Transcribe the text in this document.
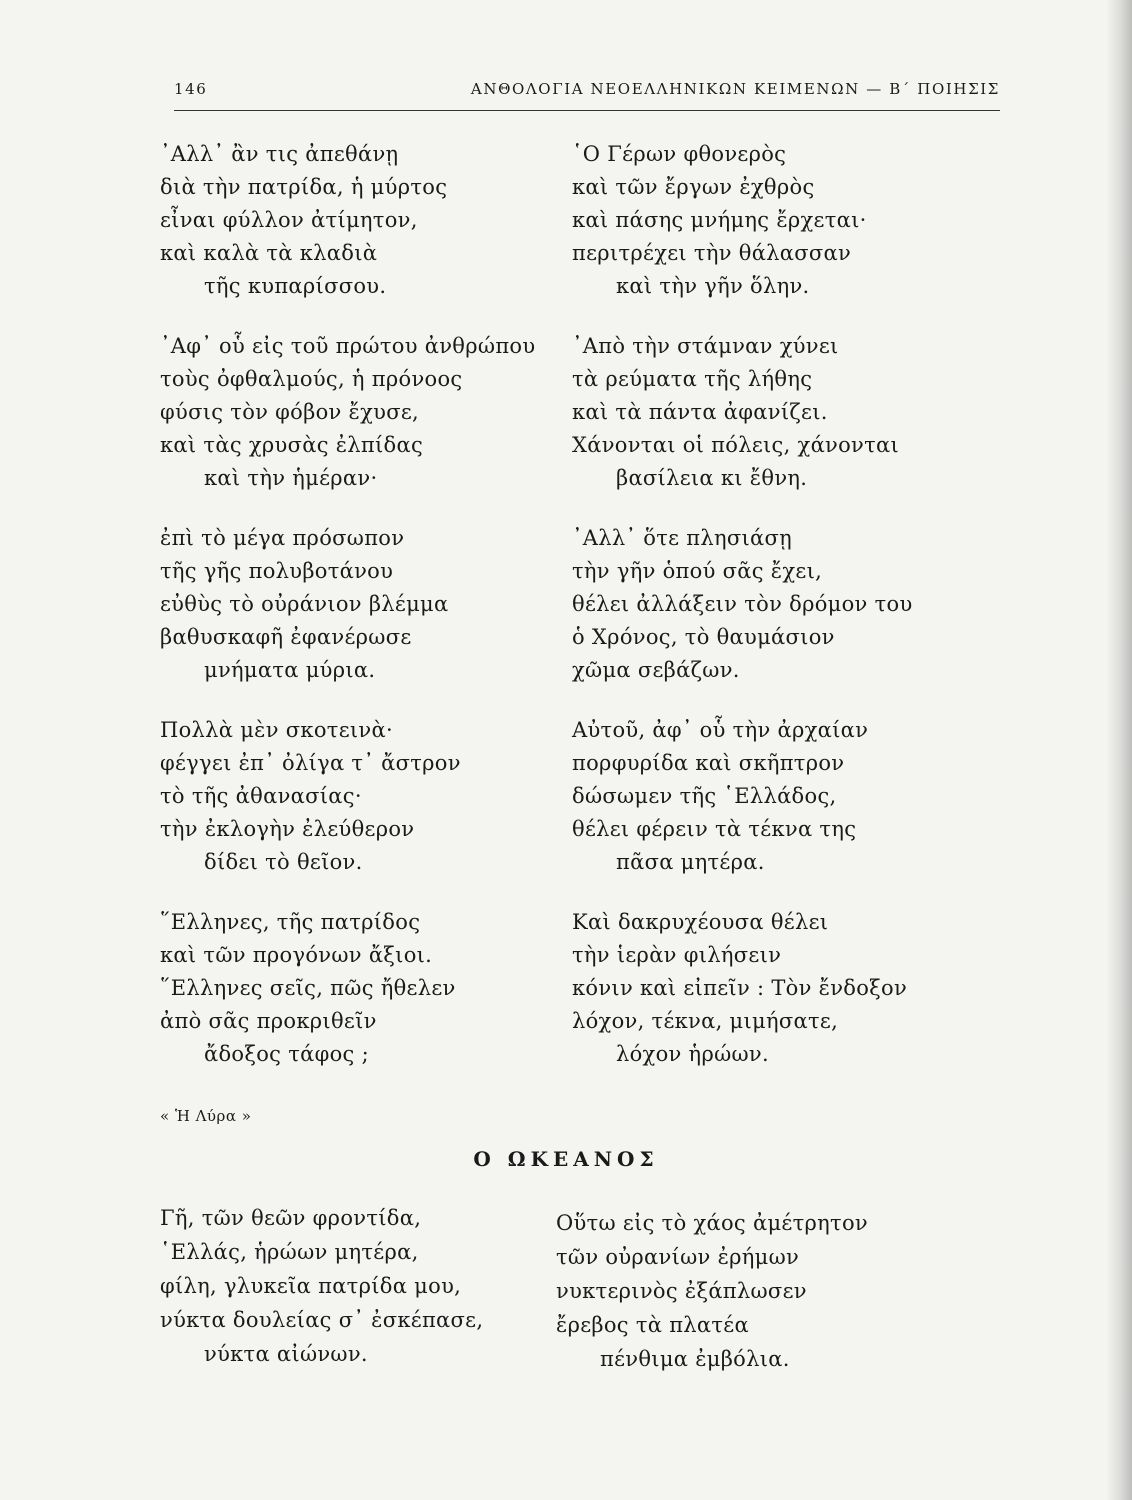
146	ΑΝΘΟΛΟΓΙΑ ΝΕΟΕΛΛΗΝΙΚΩΝ ΚΕΙΜΕΝΩΝ — Β΄ ΠΟΙΗΣΙΣ
᾿Αλλ᾿ ἂν τις ἀπεθάνῃ
διὰ τὴν πατρίδα, ἡ μύρτος
εἶναι φύλλον ἀτίμητον,
καὶ καλὰ τὰ κλαδιὰ
τῆς κυπαρίσσου.
᾿Αφ᾿ οὗ εἰς τοῦ πρώτου ἀνθρώπου
τοὺς ὀφθαλμούς, ἡ πρόνοος
φύσις τὸν φόβον ἔχυσε,
καὶ τὰς χρυσὰς ἐλπίδας
καὶ τὴν ἡμέραν·
ἐπὶ τὸ μέγα πρόσωπον
τῆς γῆς πολυβοτάνου
εὐθὺς τὸ οὐράνιον βλέμμα
βαθυσκαφῆ ἐφανέρωσε
μνήματα μύρια.
Πολλὰ μὲν σκοτεινὰ·
φέγγει ἐπ᾿ ὀλίγα τ᾿ ἄστρον
τὸ τῆς ἀθανασίας·
τὴν ἐκλογὴν ἐλεύθερον
δίδει τὸ θεῖον.
῞Ελληνες, τῆς πατρίδος
καὶ τῶν προγόνων ἄξιοι.
῞Ελληνες σεῖς, πῶς ἤθελεν
ἀπὸ σᾶς προκριθεῖν
ἄδοξος τάφος ;
῾Ο Γέρων φθονερὸς
καὶ τῶν ἔργων ἐχθρὸς
καὶ πάσης μνήμης ἔρχεται·
περιτρέχει τὴν θάλασσαν
καὶ τὴν γῆν ὅλην.
᾿Απὸ τὴν στάμναν χύνει
τὰ ρεύματα τῆς λήθης
καὶ τὰ πάντα ἀφανίζει.
Χάνονται οἱ πόλεις, χάνονται
βασίλεια κι ἔθνη.
᾿Αλλ᾿ ὅτε πλησιάσῃ
τὴν γῆν ὁπού σᾶς ἔχει,
θέλει ἀλλάξειν τὸν δρόμον του
ὁ Χρόνος, τὸ θαυμάσιον
χῶμα σεβάζων.
Αὐτοῦ, ἀφ᾿ οὗ τὴν ἀρχαίαν
πορφυρίδα καὶ σκῆπτρον
δώσωμεν τῆς ῾Ελλάδος,
θέλει φέρειν τὰ τέκνα της
πᾶσα μητέρα.
Καὶ δακρυχέουσα θέλει
τὴν ἱερὰν φιλήσειν
κόνιν καὶ εἰπεῖν : Τὸν ἔνδοξον
λόχον, τέκνα, μιμήσατε,
λόχον ἡρώων.
« Ἡ Λύρα »
Ο ΩΚΕΑΝΟΣ
Γῆ, τῶν θεῶν φροντίδα,
῾Ελλάς, ἡρώων μητέρα,
φίλη, γλυκεῖα πατρίδα μου,
νύκτα δουλείας σ᾿ ἐσκέπασε,
νύκτα αἰώνων.
Οὕτω εἰς τὸ χάος ἀμέτρητον
τῶν οὐρανίων ἐρήμων
νυκτερινὸς ἐξάπλωσεν
ἔρεβος τὰ πλατέα
πένθιμα ἐμβόλια.
